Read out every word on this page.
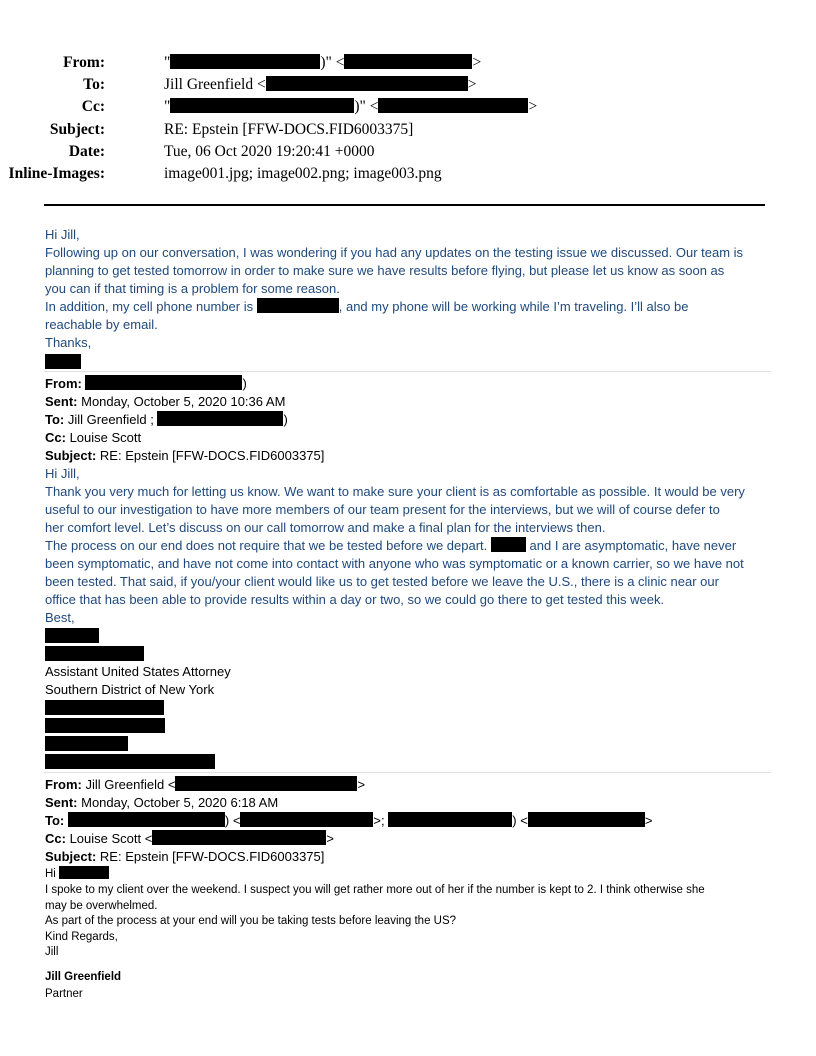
From:	"	)" <	>
To:	Jill Greenfield <	>
Cc:	"	)" <	>
Subject:	RE: Epstein [FFW-DOCS.FID6003375]
Date:	Tue, 06 Oct 2020 19:20:41 +0000
Inline-Images:	image001.jpg; image002.png; image003.png
Hi Jill,
Following up on our conversation, I was wondering if you had any updates on the testing issue we discussed. Our team is
planning to get tested tomorrow in order to make sure we have results before flying, but please let us know as soon as
you can if that timing is a problem for some reason.
In addition, my cell phone number is	, and my phone will be working while I’m traveling. I’ll also be
reachable by email.
Thanks,
From:	)
Sent: Monday, October 5, 2020 10:36 AM
To: Jill Greenfield ;	)
Cc: Louise Scott
Subject: RE: Epstein [FFW-DOCS.FID6003375]
Hi Jill,
Thank you very much for letting us know. We want to make sure your client is as comfortable as possible. It would be very
useful to our investigation to have more members of our team present for the interviews, but we will of course defer to
her comfort level. Let’s discuss on our call tomorrow and make a final plan for the interviews then.
The process on our end does not require that we be tested before we depart.	and I are asymptomatic, have never
been symptomatic, and have not come into contact with anyone who was symptomatic or a known carrier, so we have not
been tested. That said, if you/your client would like us to get tested before we leave the U.S., there is a clinic near our
office that has been able to provide results within a day or two, so we could go there to get tested this week.
Best,
Assistant United States Attorney
Southern District of New York
From: Jill Greenfield <	>
Sent: Monday, October 5, 2020 6:18 AM
To:	) <	>;	) <	>
Cc: Louise Scott <	>
Subject: RE: Epstein [FFW-DOCS.FID6003375]
Hi
I spoke to my client over the weekend. I suspect you will get rather more out of her if the number is kept to 2. I think otherwise she
may be overwhelmed.
As part of the process at your end will you be taking tests before leaving the US?
Kind Regards,
Jill
Jill Greenfield
Partner
